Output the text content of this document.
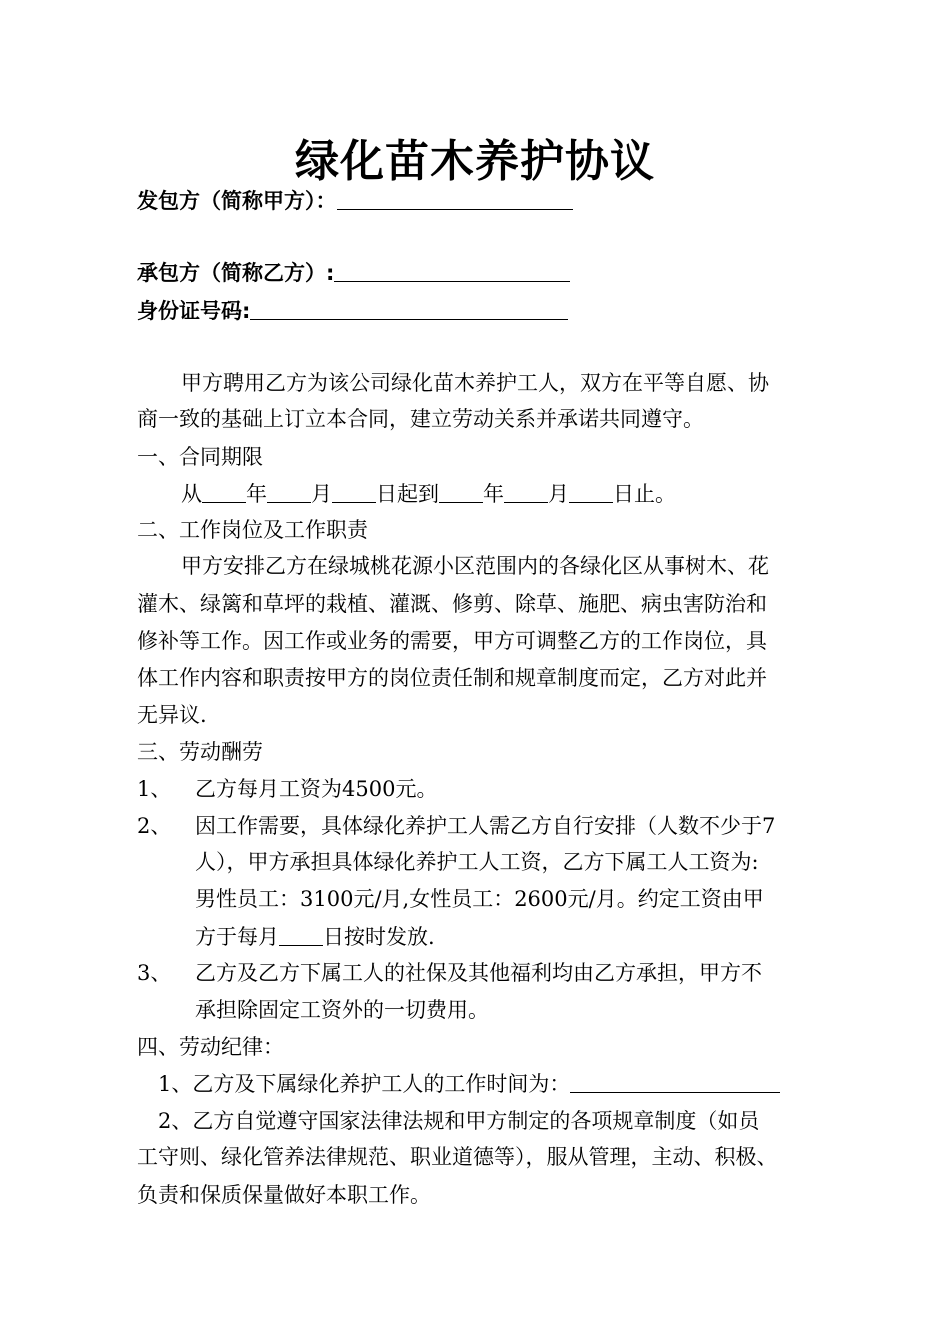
绿化苗木养护协议
发包方（简称甲方）：
承包方（简称乙方）:
身份证号码:
甲方聘用乙方为该公司绿化苗木养护工人，双方在平等自愿、协
商一致的基础上订立本合同，建立劳动关系并承诺共同遵守。
一、合同期限
从 年 月 日起到 年 月 日止。
二、工作岗位及工作职责
甲方安排乙方在绿城桃花源小区范围内的各绿化区从事树木、花
灌木、绿篱和草坪的栽植、灌溉、修剪、除草、施肥、病虫害防治和
修补等工作。因工作或业务的需要，甲方可调整乙方的工作岗位，具
体工作内容和职责按甲方的岗位责任制和规章制度而定，乙方对此并
无异议.
三、劳动酬劳
1、 乙方每月工资为4500元。
2、 因工作需要，具体绿化养护工人需乙方自行安排（人数不少于7
人），甲方承担具体绿化养护工人工资，乙方下属工人工资为:
男性员工：3100元/月,女性员工：2600元/月。约定工资由甲
方于每月 日按时发放.
3、 乙方及乙方下属工人的社保及其他福利均由乙方承担，甲方不
承担除固定工资外的一切费用。
四、劳动纪律：
1、乙方及下属绿化养护工人的工作时间为：
2、乙方自觉遵守国家法律法规和甲方制定的各项规章制度（如员
工守则、绿化管养法律规范、职业道德等），服从管理，主动、积极、
负责和保质保量做好本职工作。
